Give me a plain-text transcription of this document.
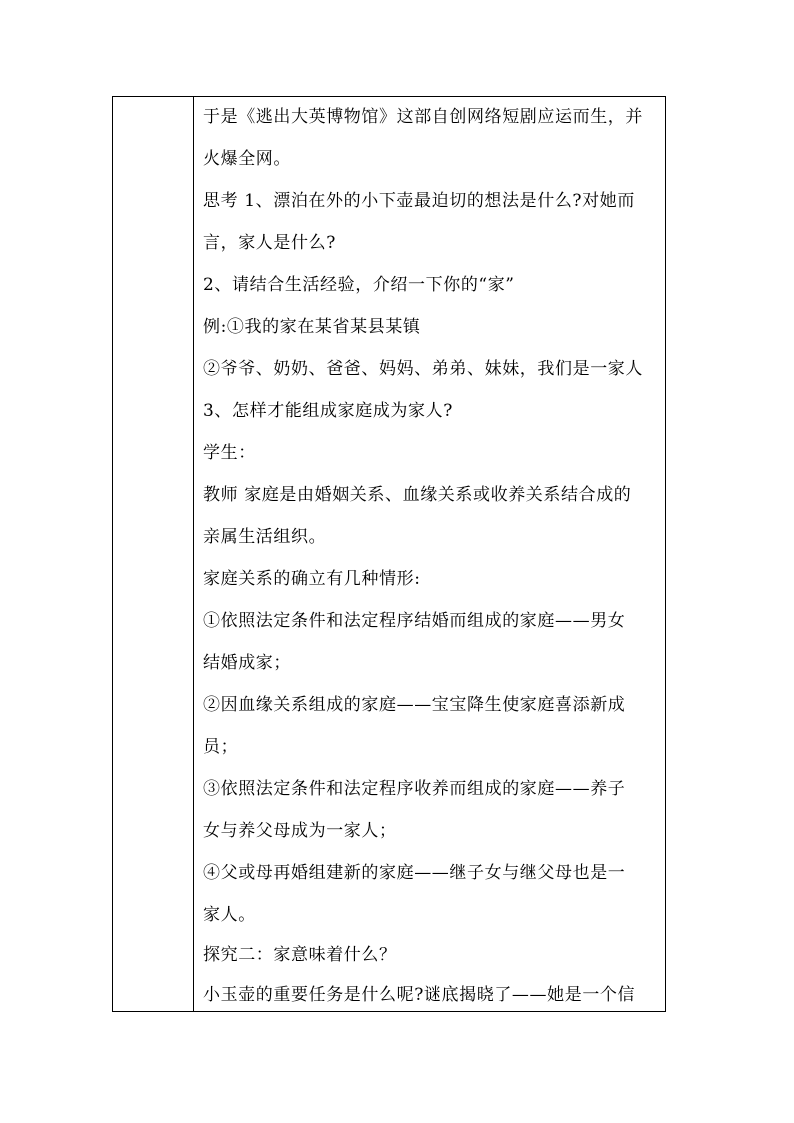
于是《逃出大英博物馆》这部自创网络短剧应运而生，并
火爆全网。
思考 1、漂泊在外的小下壶最迫切的想法是什么?对她而
言，家人是什么?
2、请结合生活经验，介绍一下你的“家”
例:①我的家在某省某县某镇
②爷爷、奶奶、爸爸、妈妈、弟弟、妹妹，我们是一家人
3、怎样才能组成家庭成为家人?
学生：
教师 家庭是由婚姻关系、血缘关系或收养关系结合成的
亲属生活组织。
家庭关系的确立有几种情形:
①依照法定条件和法定程序结婚而组成的家庭——男女
结婚成家；
②因血缘关系组成的家庭——宝宝降生使家庭喜添新成
员；
③依照法定条件和法定程序收养而组成的家庭——养子
女与养父母成为一家人；
④父或母再婚组建新的家庭——继子女与继父母也是一
家人。
探究二：家意味着什么？
小玉壶的重要任务是什么呢?谜底揭晓了——她是一个信
